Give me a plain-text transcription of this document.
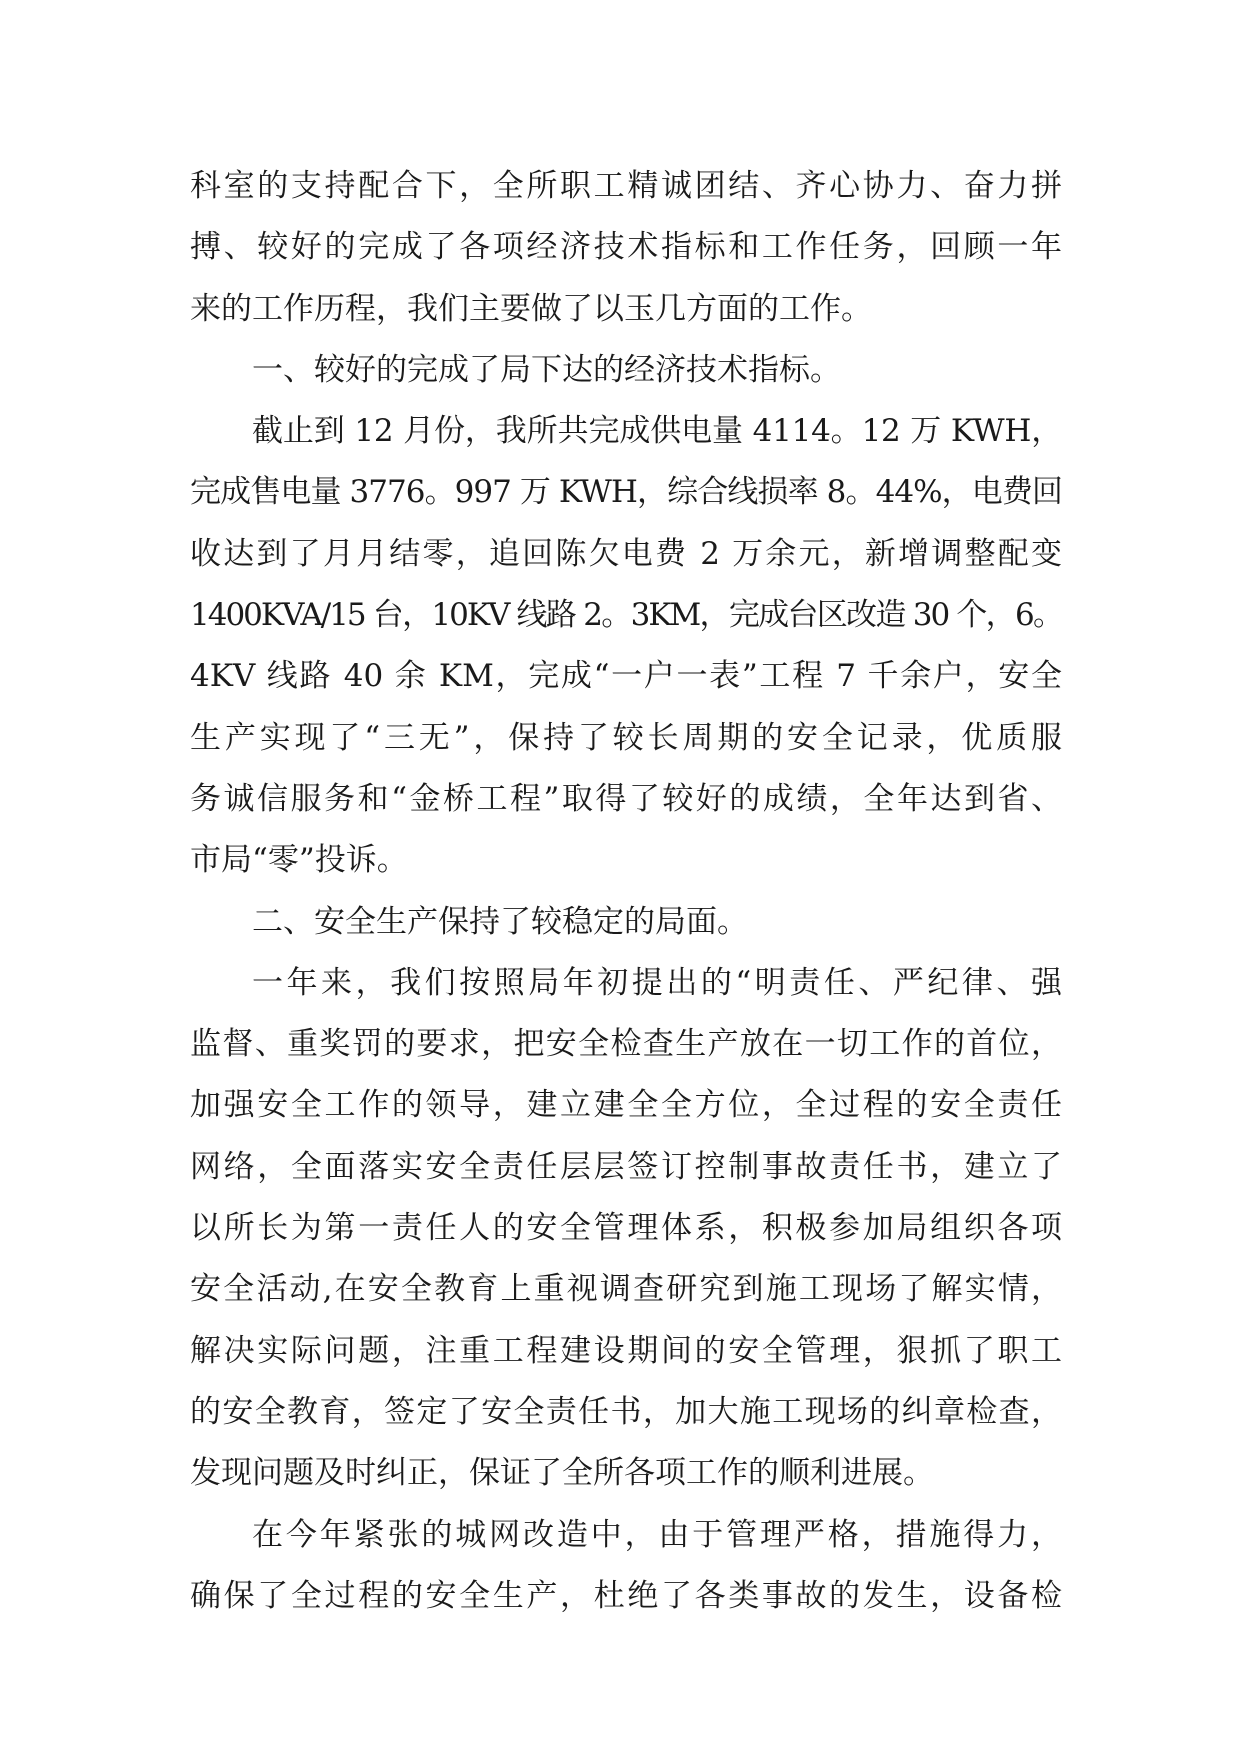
科室的支持配合下，全所职工精诚团结、齐心协力、奋力拼
搏、较好的完成了各项经济技术指标和工作任务，回顾一年
来的工作历程，我们主要做了以玉几方面的工作。
一、较好的完成了局下达的经济技术指标。
截止到 12 月份，我所共完成供电量 4114。12 万 KWH，
完成售电量 3776。997 万 KWH，综合线损率 8。44%，电费回
收达到了月月结零，追回陈欠电费 2 万余元，新增调整配变
1400KVA/15 台，10KV 线路 2。3KM，完成台区改造 30 个，6。
4KV 线路 40 余 KM，完成“一户一表”工程 7 千余户，安全
生产实现了“三无”，保持了较长周期的安全记录，优质服
务诚信服务和“金桥工程”取得了较好的成绩，全年达到省、
市局“零”投诉。
二、安全生产保持了较稳定的局面。
一年来，我们按照局年初提出的“明责任、严纪律、强
监督、重奖罚的要求，把安全检查生产放在一切工作的首位，
加强安全工作的领导，建立建全全方位，全过程的安全责任
网络，全面落实安全责任层层签订控制事故责任书，建立了
以所长为第一责任人的安全管理体系，积极参加局组织各项
安全活动,在安全教育上重视调查研究到施工现场了解实情，
解决实际问题，注重工程建设期间的安全管理，狠抓了职工
的安全教育，签定了安全责任书，加大施工现场的纠章检查，
发现问题及时纠正，保证了全所各项工作的顺利进展。
在今年紧张的城网改造中，由于管理严格，措施得力，
确保了全过程的安全生产，杜绝了各类事故的发生，设备检
